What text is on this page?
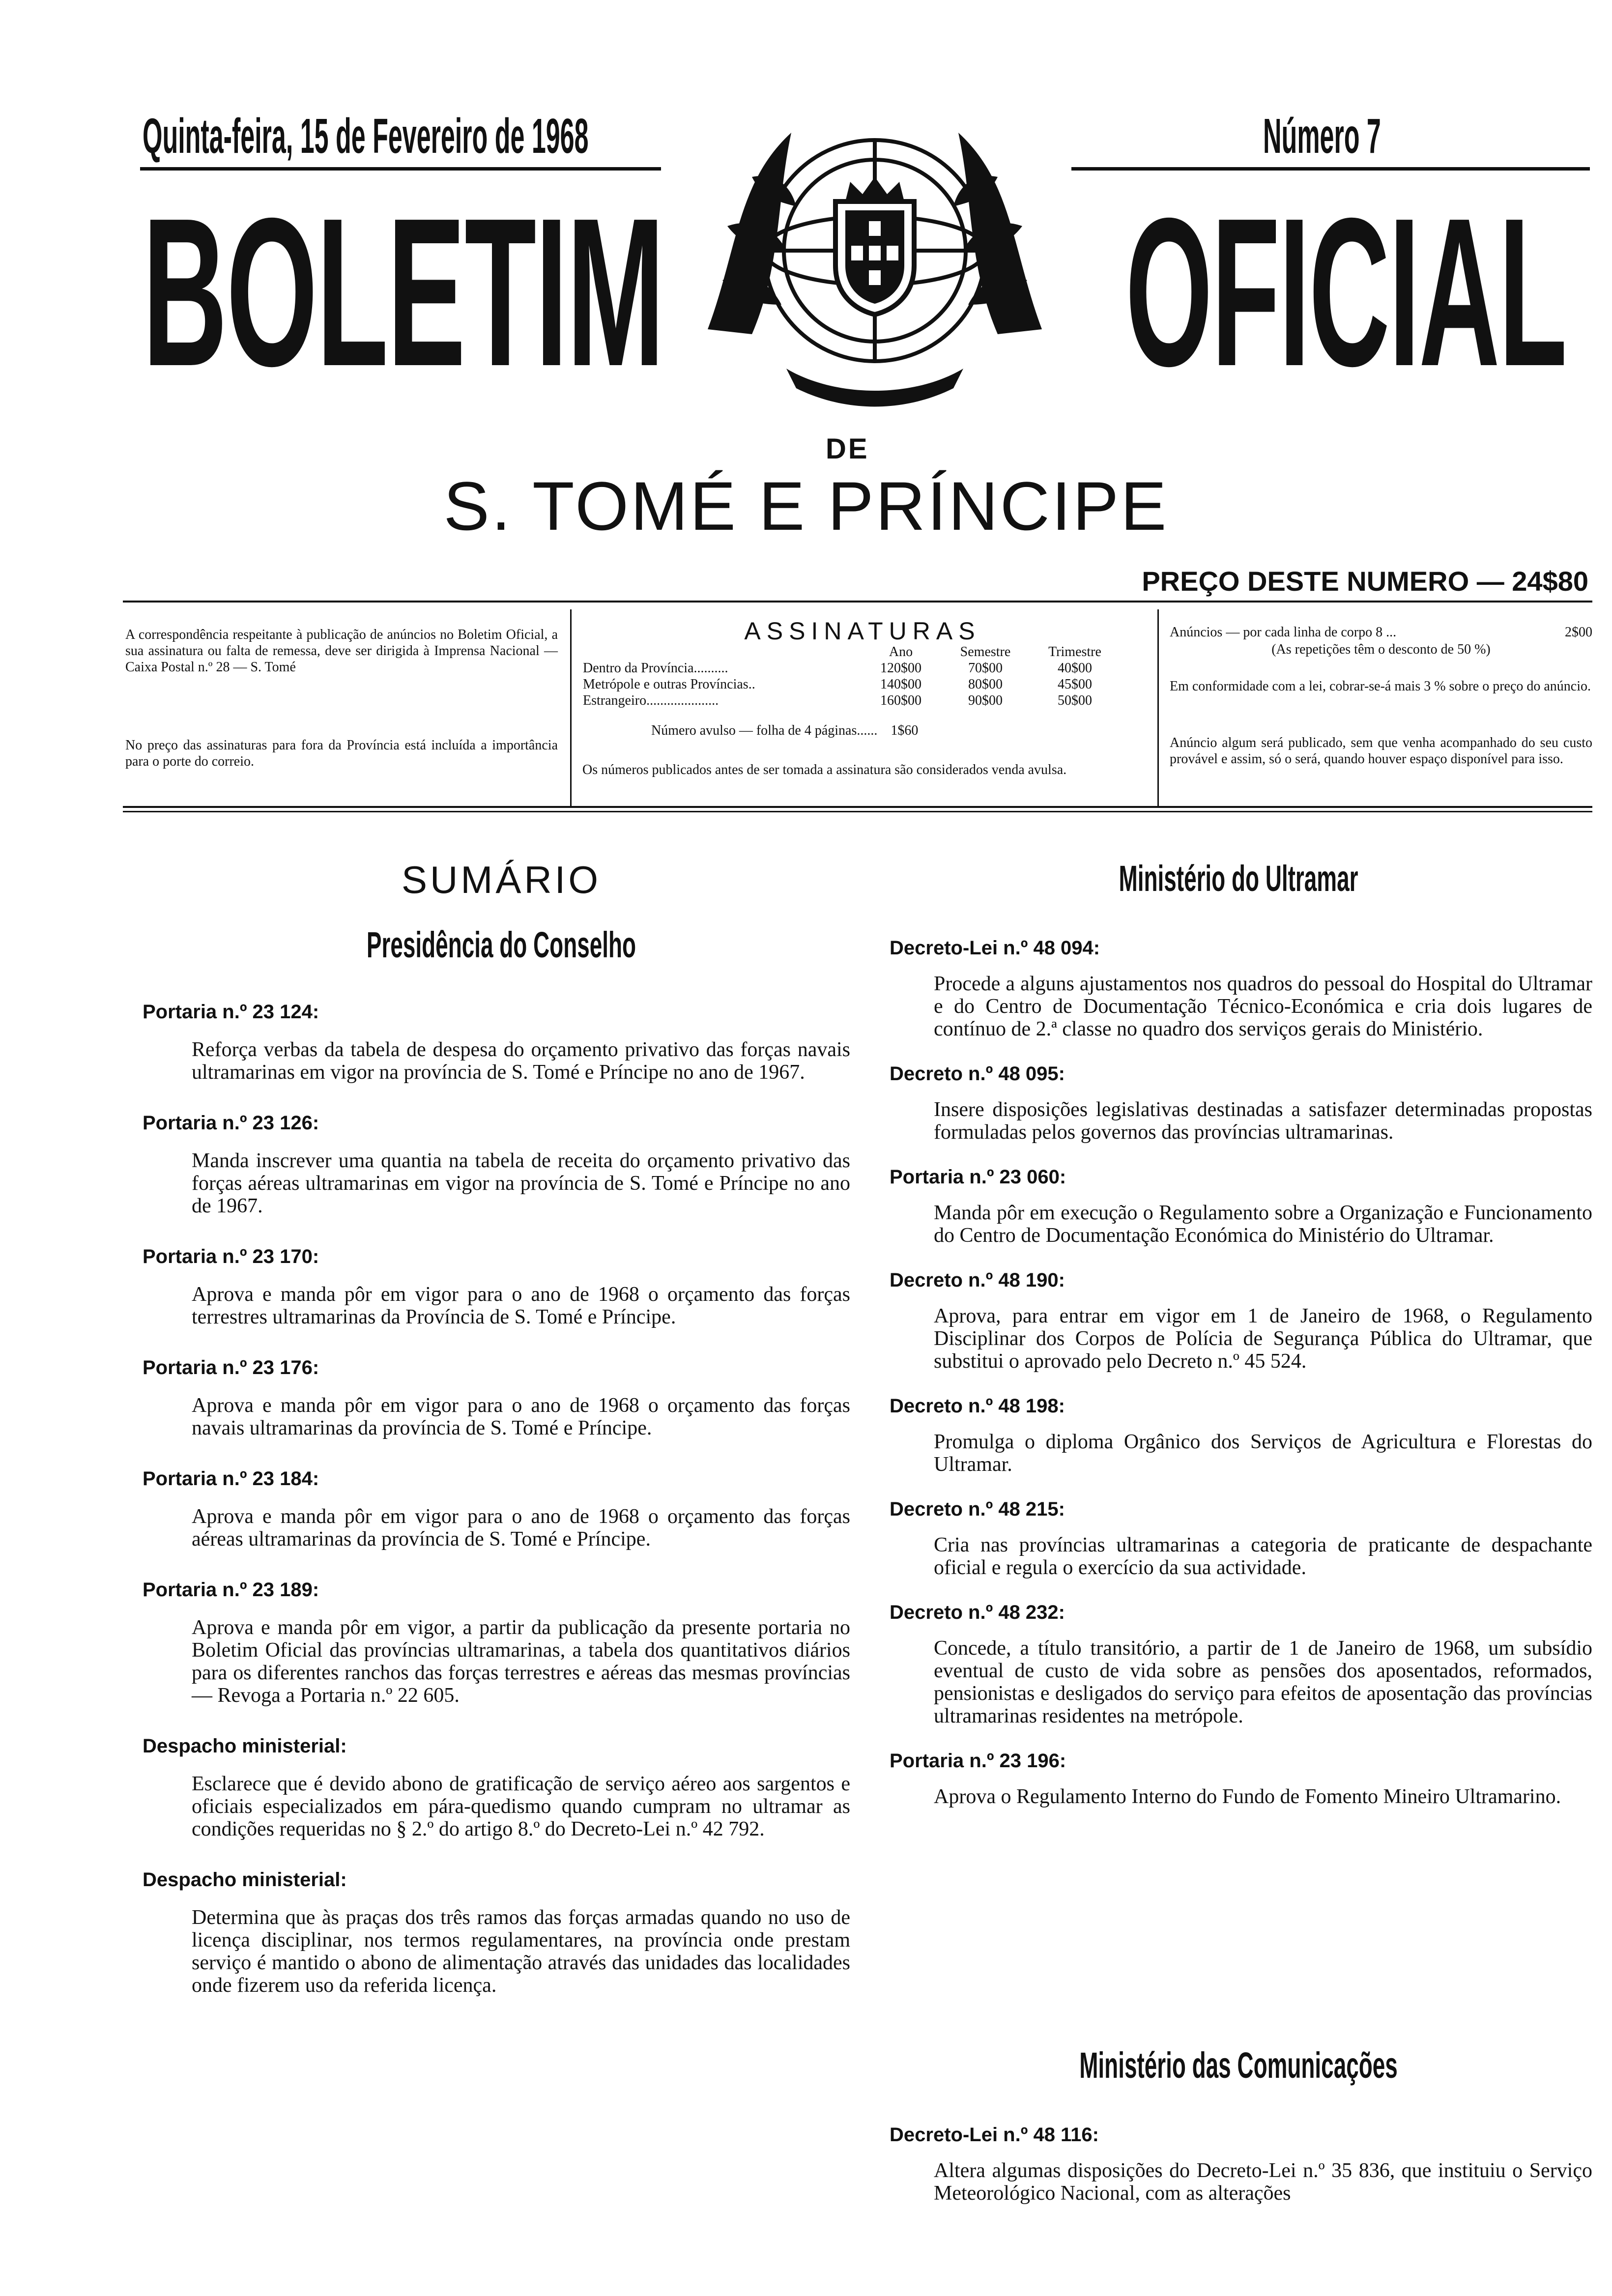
Quinta-feira, 15 de Fevereiro de 1968	Número 7
BOLETIM OFICIAL
DE
S. TOMÉ E PRÍNCIPE
PREÇO DESTE NUMERO — 24$80
A correspondência respeitante à publicação de anúncios no Boletim Oficial, a sua assinatura ou falta de remessa, deve ser dirigida à Imprensa Nacional — Caixa Postal n.º 28 — S. Tomé
No preço das assinaturas para fora da Província está incluída a importância para o porte do correio.
ASSINATURAS
	Ano	Semestre	Trimestre
Dentro da Província..........	120$00	70$00	40$00
Metrópole e outras Províncias..	140$00	80$00	45$00
Estrangeiro.....................	160$00	90$00	50$00
Número avulso — folha de 4 páginas...... 1$60
Os números publicados antes de ser tomada a assinatura são considerados venda avulsa.
Anúncios — por cada linha de corpo 8 ...	2$00
(As repetições têm o desconto de 50 %)
Em conformidade com a lei, cobrar-se-á mais 3 % sobre o preço do anúncio.
Anúncio algum será publicado, sem que venha acompanhado do seu custo provável e assim, só o será, quando houver espaço disponível para isso.
SUMÁRIO
Presidência do Conselho
Portaria n.º 23 124:
Reforça verbas da tabela de despesa do orçamento privativo das forças navais ultramarinas em vigor na província de S. Tomé e Príncipe no ano de 1967.
Portaria n.º 23 126:
Manda inscrever uma quantia na tabela de receita do orçamento privativo das forças aéreas ultramarinas em vigor na província de S. Tomé e Príncipe no ano de 1967.
Portaria n.º 23 170:
Aprova e manda pôr em vigor para o ano de 1968 o orçamento das forças terrestres ultramarinas da Província de S. Tomé e Príncipe.
Portaria n.º 23 176:
Aprova e manda pôr em vigor para o ano de 1968 o orçamento das forças navais ultramarinas da província de S. Tomé e Príncipe.
Portaria n.º 23 184:
Aprova e manda pôr em vigor para o ano de 1968 o orçamento das forças aéreas ultramarinas da província de S. Tomé e Príncipe.
Portaria n.º 23 189:
Aprova e manda pôr em vigor, a partir da publicação da presente portaria no Boletim Oficial das províncias ultramarinas, a tabela dos quantitativos diários para os diferentes ranchos das forças terrestres e aéreas das mesmas províncias — Revoga a Portaria n.º 22 605.
Despacho ministerial:
Esclarece que é devido abono de gratificação de serviço aéreo aos sargentos e oficiais especializados em pára-quedismo quando cumpram no ultramar as condições requeridas no § 2.º do artigo 8.º do Decreto-Lei n.º 42 792.
Despacho ministerial:
Determina que às praças dos três ramos das forças armadas quando no uso de licença disciplinar, nos termos regulamentares, na província onde prestam serviço é mantido o abono de alimentação através das unidades das localidades onde fizerem uso da referida licença.
Ministério do Ultramar
Decreto-Lei n.º 48 094:
Procede a alguns ajustamentos nos quadros do pessoal do Hospital do Ultramar e do Centro de Documentação Técnico-Económica e cria dois lugares de contínuo de 2.ª classe no quadro dos serviços gerais do Ministério.
Decreto n.º 48 095:
Insere disposições legislativas destinadas a satisfazer determinadas propostas formuladas pelos governos das províncias ultramarinas.
Portaria n.º 23 060:
Manda pôr em execução o Regulamento sobre a Organização e Funcionamento do Centro de Documentação Económica do Ministério do Ultramar.
Decreto n.º 48 190:
Aprova, para entrar em vigor em 1 de Janeiro de 1968, o Regulamento Disciplinar dos Corpos de Polícia de Segurança Pública do Ultramar, que substitui o aprovado pelo Decreto n.º 45 524.
Decreto n.º 48 198:
Promulga o diploma Orgânico dos Serviços de Agricultura e Florestas do Ultramar.
Decreto n.º 48 215:
Cria nas províncias ultramarinas a categoria de praticante de despachante oficial e regula o exercício da sua actividade.
Decreto n.º 48 232:
Concede, a título transitório, a partir de 1 de Janeiro de 1968, um subsídio eventual de custo de vida sobre as pensões dos aposentados, reformados, pensionistas e desligados do serviço para efeitos de aposentação das províncias ultramarinas residentes na metrópole.
Portaria n.º 23 196:
Aprova o Regulamento Interno do Fundo de Fomento Mineiro Ultramarino.
Ministério das Comunicações
Decreto-Lei n.º 48 116:
Altera algumas disposições do Decreto-Lei n.º 35 836, que instituiu o Serviço Meteorológico Nacional, com as alterações
